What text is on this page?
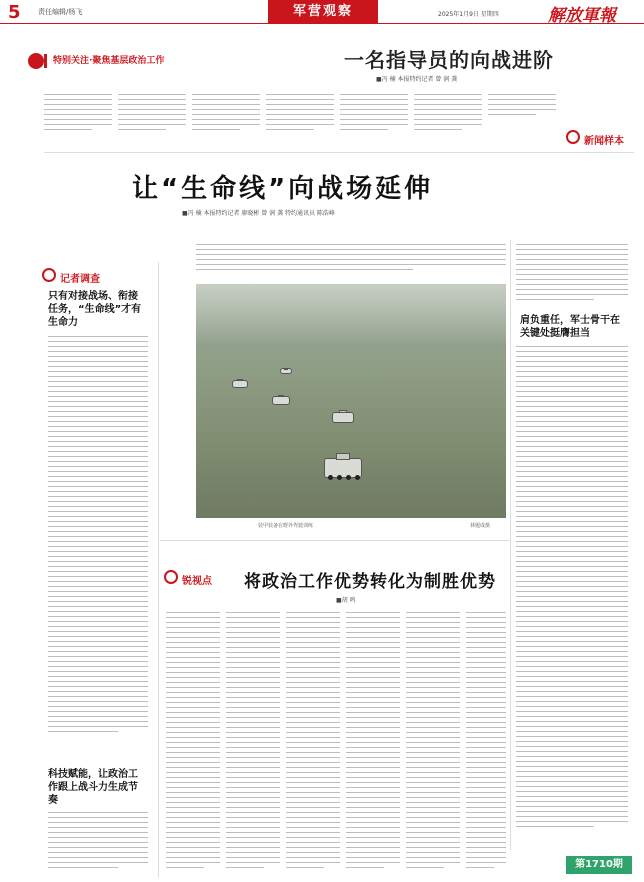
5 责任编辑/杨飞	军营观察	2025年1月9日 星期四	解放軍報
特别关注·聚焦基层政治工作	一名指导员的向战进阶
■冯 楠 本报特约记者 曾 润 龚
新闻样本
让“生命线”向战场延伸
■冯 楠 本报特约记者 廖晓彬 曾 润 龚 特约通讯员 陈浩峰
记者调查
只有对接战场、衔接任务，“生命线”才有生命力
科技赋能，让政治工作跟上战斗力生成节奏
装甲装备在野外驾驶训练	林题成摄
肩负重任，军士骨干在关键处挺膺担当
锐视点 将政治工作优势转化为制胜优势
■胡 鸣
第1710期
